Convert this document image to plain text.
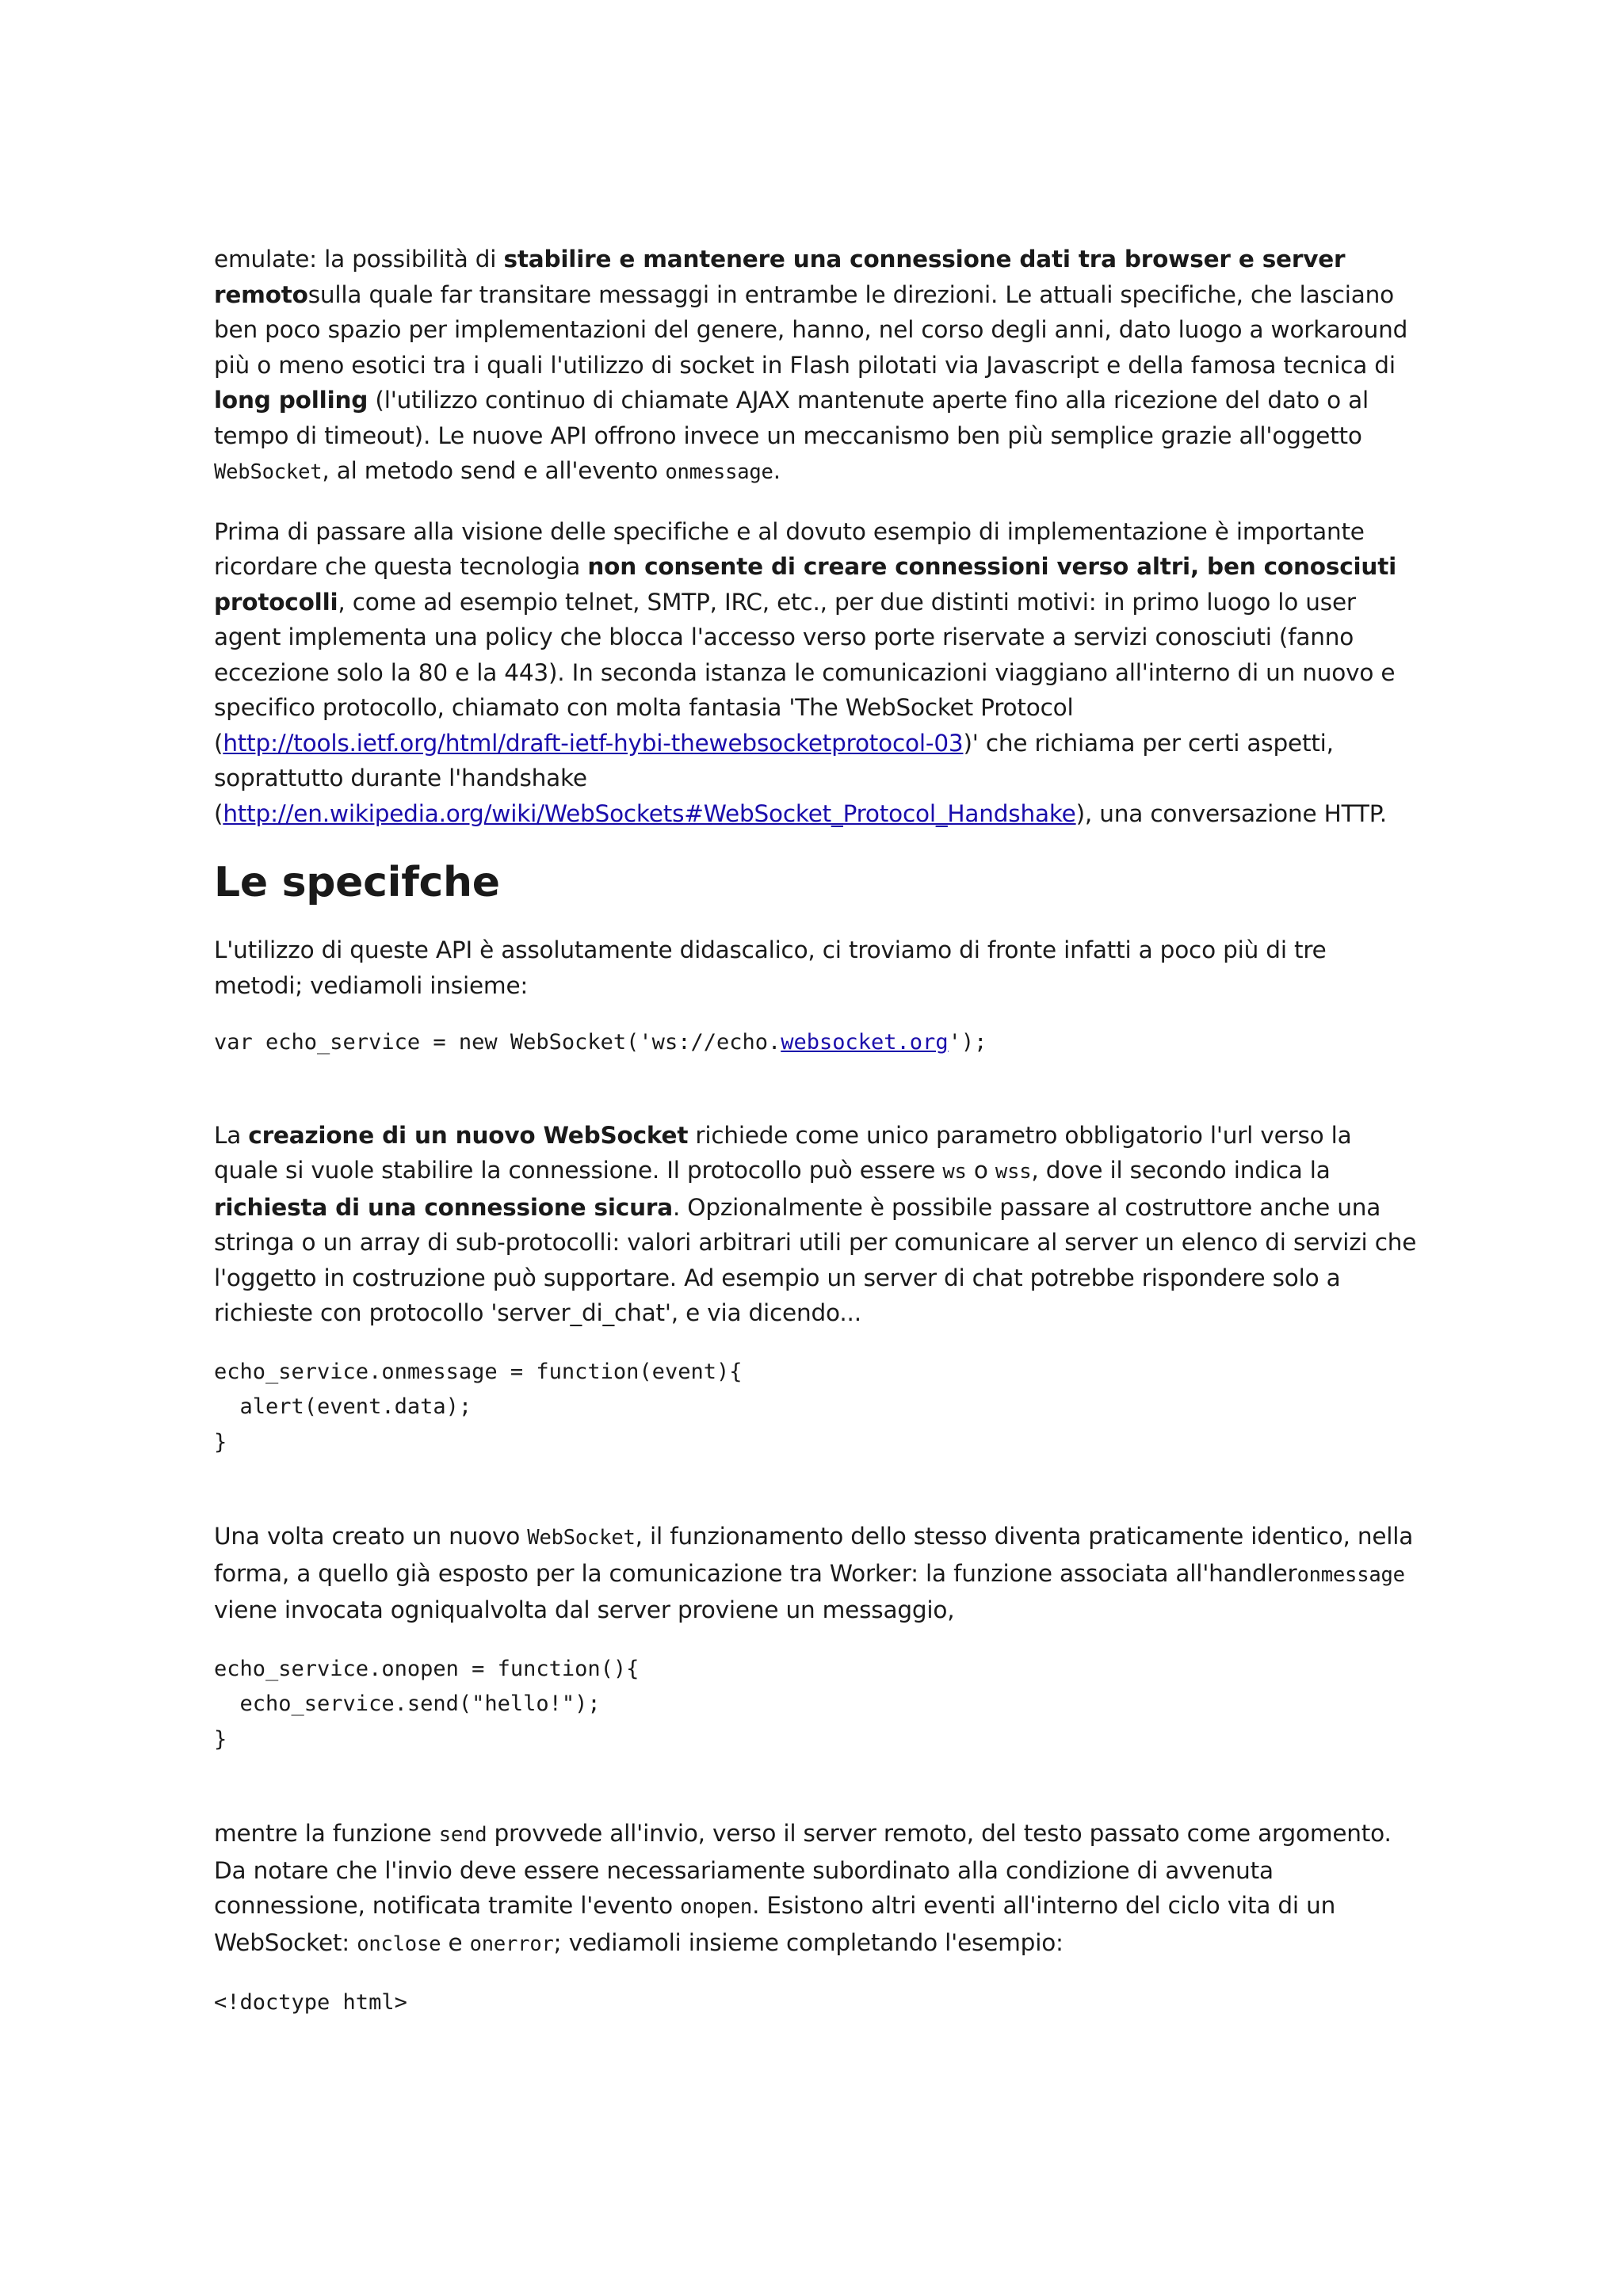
emulate: la possibilità di stabilire e mantenere una connessione dati tra browser e server remotosulla quale far transitare messaggi in entrambe le direzioni. Le attuali specifiche, che lasciano ben poco spazio per implementazioni del genere, hanno, nel corso degli anni, dato luogo a workaround più o meno esotici tra i quali l'utilizzo di socket in Flash pilotati via Javascript e della famosa tecnica di long polling (l'utilizzo continuo di chiamate AJAX mantenute aperte fino alla ricezione del dato o al tempo di timeout). Le nuove API offrono invece un meccanismo ben più semplice grazie all'oggetto WebSocket, al metodo send e all'evento onmessage.

Prima di passare alla visione delle specifiche e al dovuto esempio di implementazione è importante ricordare che questa tecnologia non consente di creare connessioni verso altri, ben conosciuti protocolli, come ad esempio telnet, SMTP, IRC, etc., per due distinti motivi: in primo luogo lo user agent implementa una policy che blocca l'accesso verso porte riservate a servizi conosciuti (fanno eccezione solo la 80 e la 443). In seconda istanza le comunicazioni viaggiano all'interno di un nuovo e specifico protocollo, chiamato con molta fantasia 'The WebSocket Protocol (http://tools.ietf.org/html/draft-ietf-hybi-thewebsocketprotocol-03)' che richiama per certi aspetti, soprattutto durante l'handshake
(http://en.wikipedia.org/wiki/WebSockets#WebSocket_Protocol_Handshake), una conversazione HTTP.

Le specifche

L'utilizzo di queste API è assolutamente didascalico, ci troviamo di fronte infatti a poco più di tre metodi; vediamoli insieme:

var echo_service = new WebSocket('ws://echo.websocket.org');

La creazione di un nuovo WebSocket richiede come unico parametro obbligatorio l'url verso la quale si vuole stabilire la connessione. Il protocollo può essere ws o wss, dove il secondo indica la richiesta di una connessione sicura. Opzionalmente è possibile passare al costruttore anche una stringa o un array di sub-protocolli: valori arbitrari utili per comunicare al server un elenco di servizi che l'oggetto in costruzione può supportare. Ad esempio un server di chat potrebbe rispondere solo a richieste con protocollo 'server_di_chat', e via dicendo...

echo_service.onmessage = function(event){
alert(event.data);
}

Una volta creato un nuovo WebSocket, il funzionamento dello stesso diventa praticamente identico, nella forma, a quello già esposto per la comunicazione tra Worker: la funzione associata all'handleronmessage viene invocata ogniqualvolta dal server proviene un messaggio,

echo_service.onopen = function(){
echo_service.send("hello!");
}

mentre la funzione send provvede all'invio, verso il server remoto, del testo passato come argomento. Da notare che l'invio deve essere necessariamente subordinato alla condizione di avvenuta connessione, notificata tramite l'evento onopen. Esistono altri eventi all'interno del ciclo vita di un WebSocket: onclose e onerror; vediamoli insieme completando l'esempio:

<!doctype html>
